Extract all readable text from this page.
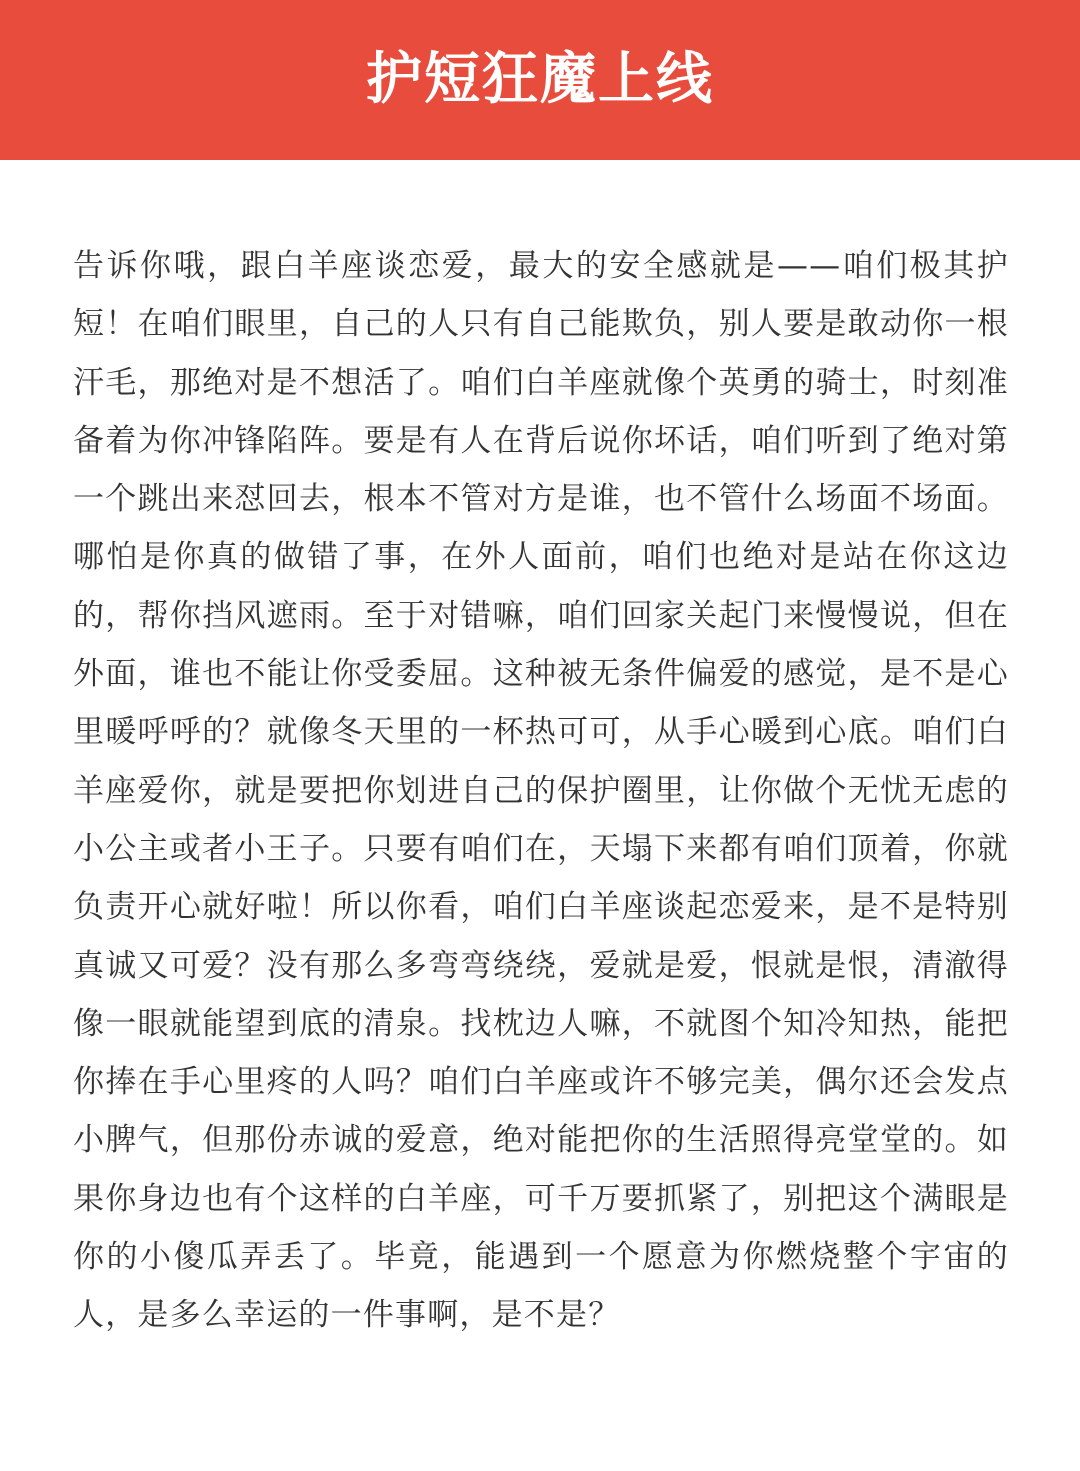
护短狂魔上线

告诉你哦，跟白羊座谈恋爱，最大的安全感就是——咱们极其护短！在咱们眼里，自己的人只有自己能欺负，别人要是敢动你一根汗毛，那绝对是不想活了。咱们白羊座就像个英勇的骑士，时刻准备着为你冲锋陷阵。要是有人在背后说你坏话，咱们听到了绝对第一个跳出来怼回去，根本不管对方是谁，也不管什么场面不场面。哪怕是你真的做错了事，在外人面前，咱们也绝对是站在你这边的，帮你挡风遮雨。至于对错嘛，咱们回家关起门来慢慢说，但在外面，谁也不能让你受委屈。这种被无条件偏爱的感觉，是不是心里暖呼呼的？就像冬天里的一杯热可可，从手心暖到心底。咱们白羊座爱你，就是要把你划进自己的保护圈里，让你做个无忧无虑的小公主或者小王子。只要有咱们在，天塌下来都有咱们顶着，你就负责开心就好啦！所以你看，咱们白羊座谈起恋爱来，是不是特别真诚又可爱？没有那么多弯弯绕绕，爱就是爱，恨就是恨，清澈得像一眼就能望到底的清泉。找枕边人嘛，不就图个知冷知热，能把你捧在手心里疼的人吗？咱们白羊座或许不够完美，偶尔还会发点小脾气，但那份赤诚的爱意，绝对能把你的生活照得亮堂堂的。如果你身边也有个这样的白羊座，可千万要抓紧了，别把这个满眼是你的小傻瓜弄丢了。毕竟，能遇到一个愿意为你燃烧整个宇宙的人，是多么幸运的一件事啊，是不是？
